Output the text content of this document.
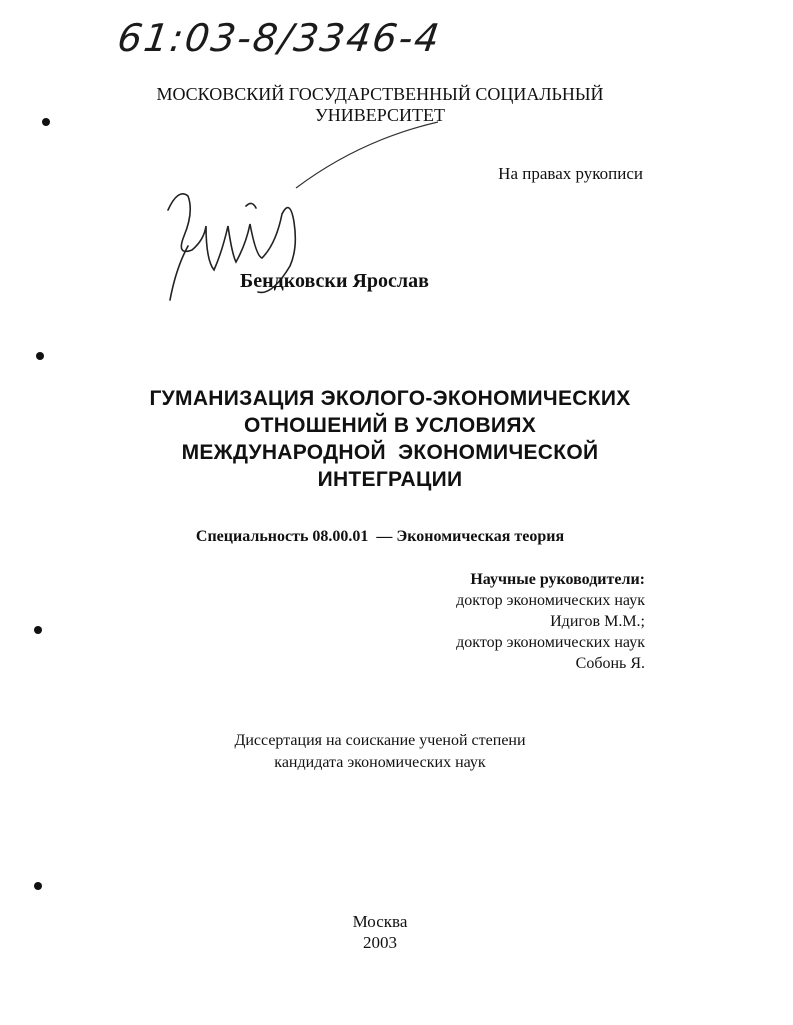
61:03-8/3346-4
МОСКОВСКИЙ ГОСУДАРСТВЕННЫЙ СОЦИАЛЬНЫЙ
УНИВЕРСИТЕТ
На правах рукописи
Бендковски Ярослав
ГУМАНИЗАЦИЯ ЭКОЛОГО-ЭКОНОМИЧЕСКИХ
ОТНОШЕНИЙ В УСЛОВИЯХ
МЕЖДУНАРОДНОЙ  ЭКОНОМИЧЕСКОЙ
ИНТЕГРАЦИИ
Специальность 08.00.01  — Экономическая теория
Научные руководители:
доктор экономических наук
Идигов М.М.;
доктор экономических наук
Собонь Я.
Диссертация на соискание ученой степени
кандидата экономических наук
Москва
2003
